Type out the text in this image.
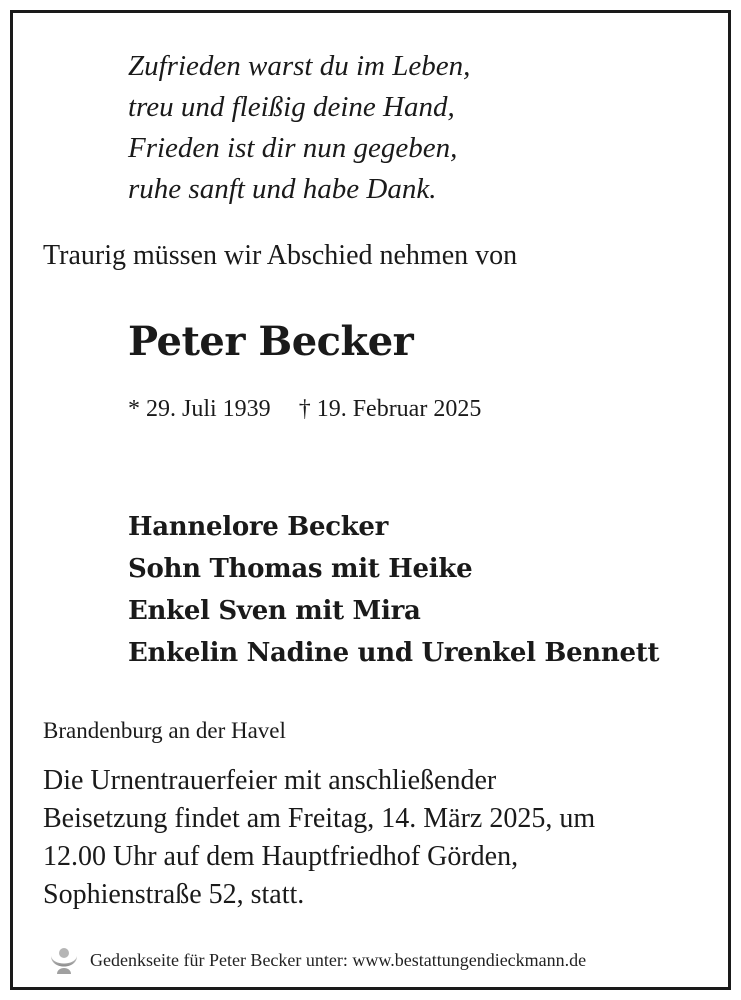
Zufrieden warst du im Leben,
treu und fleißig deine Hand,
Frieden ist dir nun gegeben,
ruhe sanft und habe Dank.
Traurig müssen wir Abschied nehmen von
Peter Becker
* 29. Juli 1939 † 19. Februar 2025
Hannelore Becker
Sohn Thomas mit Heike
Enkel Sven mit Mira
Enkelin Nadine und Urenkel Bennett
Brandenburg an der Havel
Die Urnentrauerfeier mit anschließender
Beisetzung findet am Freitag, 14. März 2025, um
12.00 Uhr auf dem Hauptfriedhof Görden,
Sophienstraße 52, statt.
Gedenkseite für Peter Becker unter: www.bestattungendieckmann.de
